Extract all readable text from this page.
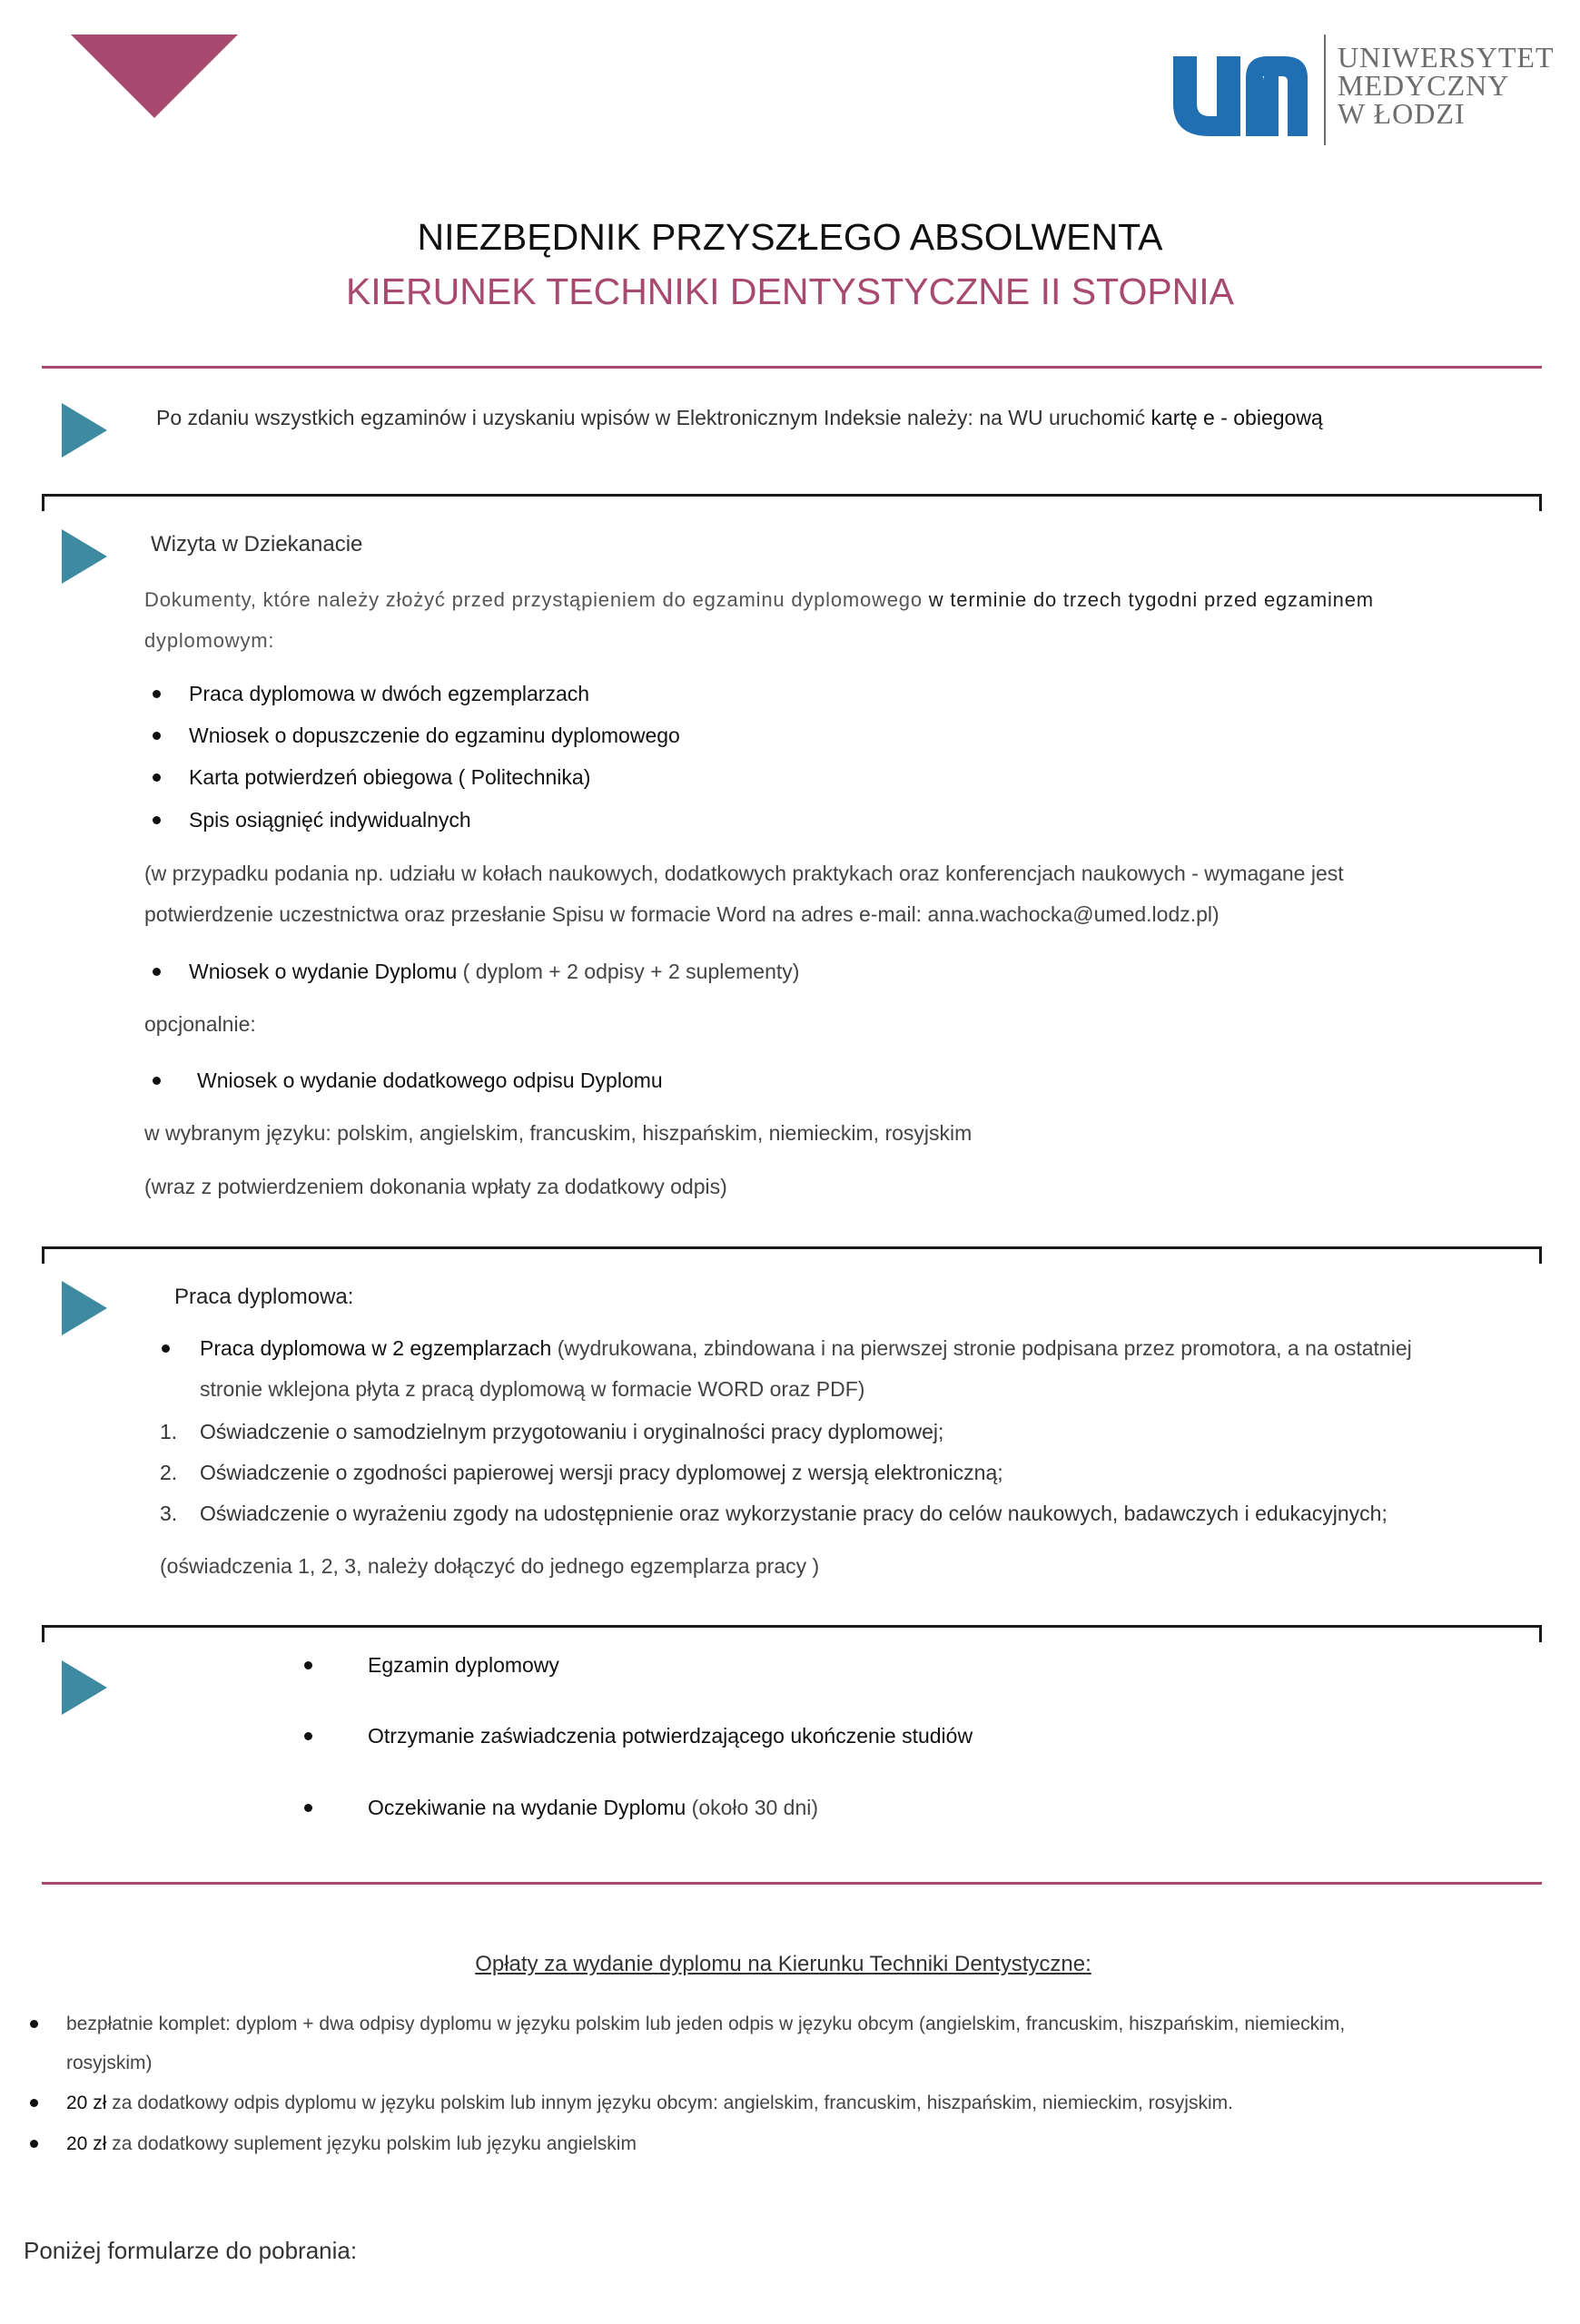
UNIWERSYTET
MEDYCZNY
W ŁODZI
NIEZBĘDNIK PRZYSZŁEGO ABSOLWENTA
KIERUNEK TECHNIKI DENTYSTYCZNE II STOPNIA
Po zdaniu wszystkich egzaminów i uzyskaniu wpisów w Elektronicznym Indeksie należy: na WU uruchomić kartę e - obiegową
Wizyta w Dziekanacie
Dokumenty, które należy złożyć przed przystąpieniem do egzaminu dyplomowego w terminie do trzech tygodni przed egzaminem
dyplomowym:
Praca dyplomowa w dwóch egzemplarzach
Wniosek o dopuszczenie do egzaminu dyplomowego
Karta potwierdzeń obiegowa ( Politechnika)
Spis osiągnięć indywidualnych
(w przypadku podania np. udziału w kołach naukowych, dodatkowych praktykach oraz konferencjach naukowych - wymagane jest
potwierdzenie uczestnictwa oraz przesłanie Spisu w formacie Word na adres e-mail: anna.wachocka@umed.lodz.pl)
Wniosek o wydanie Dyplomu ( dyplom + 2 odpisy + 2 suplementy)
opcjonalnie:
Wniosek o wydanie dodatkowego odpisu Dyplomu
w wybranym języku: polskim, angielskim, francuskim, hiszpańskim, niemieckim, rosyjskim
(wraz z potwierdzeniem dokonania wpłaty za dodatkowy odpis)
Praca dyplomowa:
Praca dyplomowa w 2 egzemplarzach (wydrukowana, zbindowana i na pierwszej stronie podpisana przez promotora, a na ostatniej
stronie wklejona płyta z pracą dyplomową w formacie WORD oraz PDF)
1. Oświadczenie o samodzielnym przygotowaniu i oryginalności pracy dyplomowej;
2. Oświadczenie o zgodności papierowej wersji pracy dyplomowej z wersją elektroniczną;
3. Oświadczenie o wyrażeniu zgody na udostępnienie oraz wykorzystanie pracy do celów naukowych, badawczych i edukacyjnych;
(oświadczenia 1, 2, 3, należy dołączyć do jednego egzemplarza pracy )
Egzamin dyplomowy
Otrzymanie zaświadczenia potwierdzającego ukończenie studiów
Oczekiwanie na wydanie Dyplomu (około 30 dni)
Opłaty za wydanie dyplomu na Kierunku Techniki Dentystyczne:
bezpłatnie komplet: dyplom + dwa odpisy dyplomu w języku polskim lub jeden odpis w języku obcym (angielskim, francuskim, hiszpańskim, niemieckim,
rosyjskim)
20 zł za dodatkowy odpis dyplomu w języku polskim lub innym języku obcym: angielskim, francuskim, hiszpańskim, niemieckim, rosyjskim.
20 zł za dodatkowy suplement języku polskim lub języku angielskim
Poniżej formularze do pobrania:
